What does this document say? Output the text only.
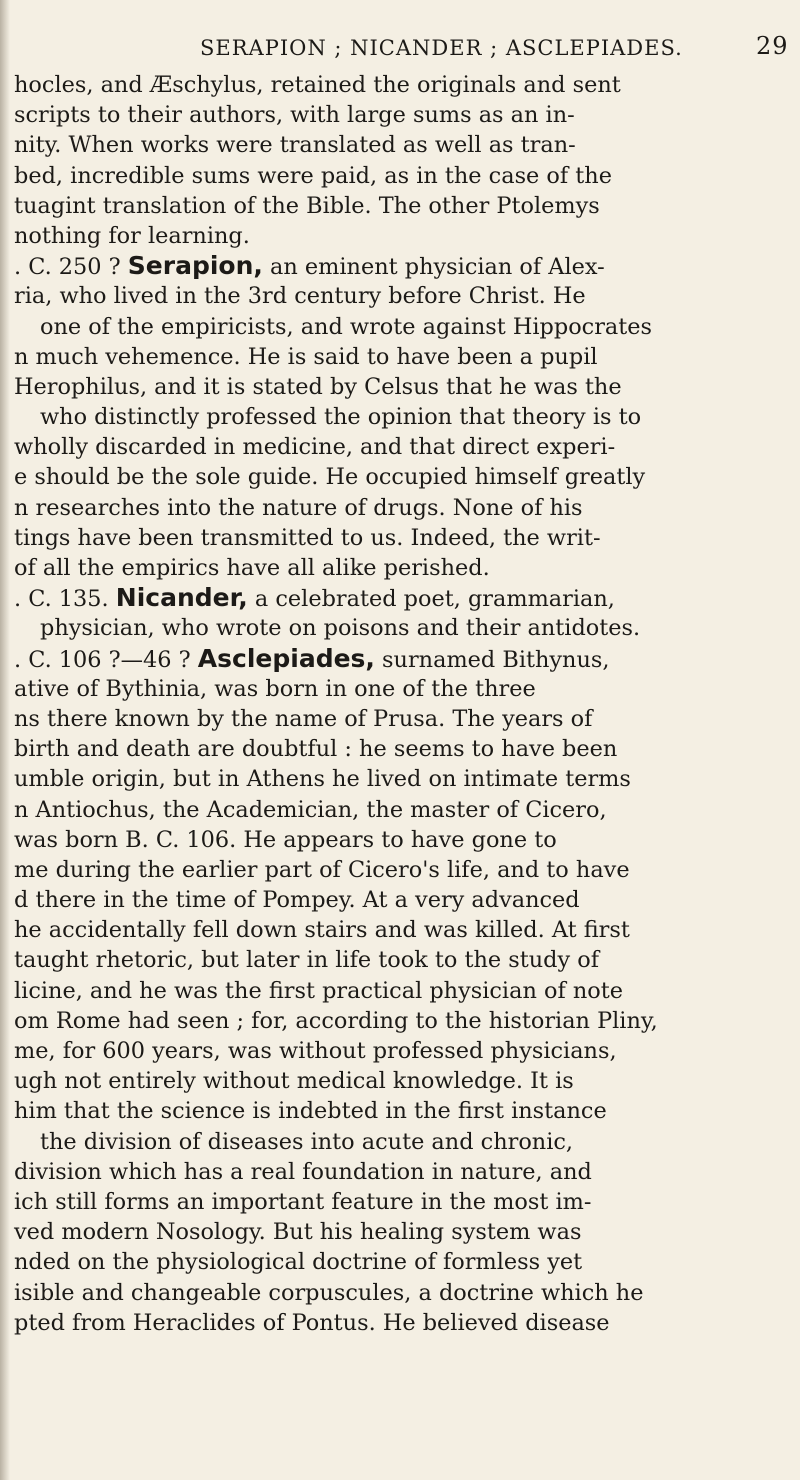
SERAPION ; NICANDER ; ASCLEPIADES.	29
hocles, and Æschylus, retained the originals and sent
scripts to their authors, with large sums as an in-
nity. When works were translated as well as tran-
bed, incredible sums were paid, as in the case of the
tuagint translation of the Bible. The other Ptolemys
nothing for learning.
. C. 250 ? Serapion, an eminent physician of Alex-
ria, who lived in the 3rd century before Christ. He
one of the empiricists, and wrote against Hippocrates
n much vehemence. He is said to have been a pupil
Herophilus, and it is stated by Celsus that he was the
who distinctly professed the opinion that theory is to
wholly discarded in medicine, and that direct experi-
e should be the sole guide. He occupied himself greatly
n researches into the nature of drugs. None of his
tings have been transmitted to us. Indeed, the writ-
of all the empirics have all alike perished.
. C. 135. Nicander, a celebrated poet, grammarian,
physician, who wrote on poisons and their antidotes.
. C. 106 ?—46 ? Asclepiades, surnamed Bithynus,
ative of Bythinia, was born in one of the three
ns there known by the name of Prusa. The years of
birth and death are doubtful : he seems to have been
umble origin, but in Athens he lived on intimate terms
n Antiochus, the Academician, the master of Cicero,
was born B. C. 106. He appears to have gone to
me during the earlier part of Cicero's life, and to have
d there in the time of Pompey. At a very advanced
he accidentally fell down stairs and was killed. At first
taught rhetoric, but later in life took to the study of
licine, and he was the first practical physician of note
om Rome had seen ; for, according to the historian Pliny,
me, for 600 years, was without professed physicians,
ugh not entirely without medical knowledge. It is
him that the science is indebted in the first instance
the division of diseases into acute and chronic,
division which has a real foundation in nature, and
ich still forms an important feature in the most im-
ved modern Nosology. But his healing system was
nded on the physiological doctrine of formless yet
isible and changeable corpuscules, a doctrine which he
pted from Heraclides of Pontus. He believed disease
